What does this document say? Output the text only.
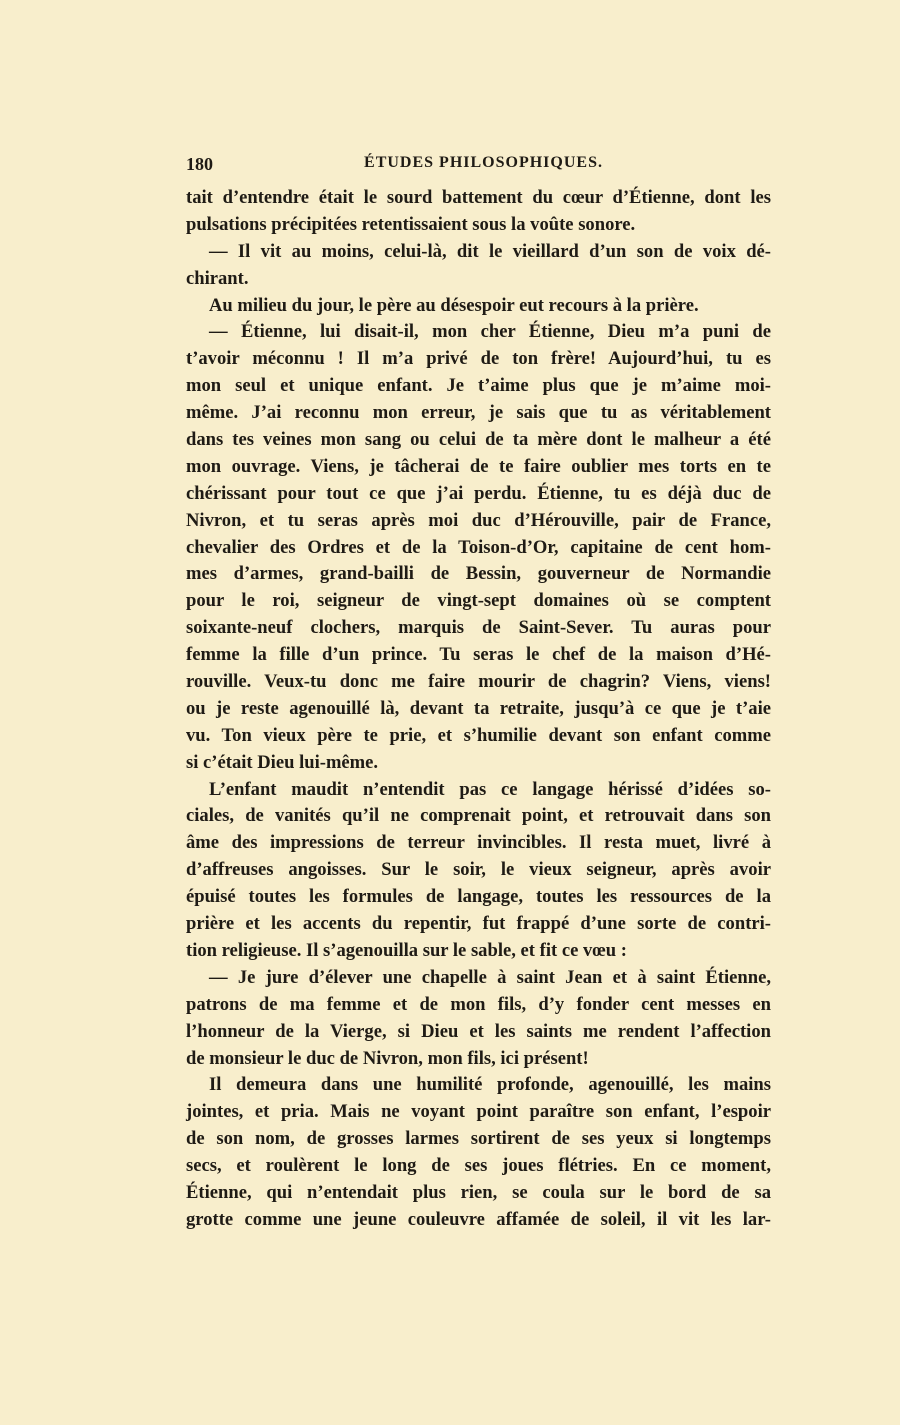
180	ÉTUDES PHILOSOPHIQUES.
tait d’entendre était le sourd battement du cœur d’Étienne, dont les
pulsations précipitées retentissaient sous la voûte sonore.
— Il vit au moins, celui-là, dit le vieillard d’un son de voix dé-
chirant.
Au milieu du jour, le père au désespoir eut recours à la prière.
— Étienne, lui disait-il, mon cher Étienne, Dieu m’a puni de
t’avoir méconnu ! Il m’a privé de ton frère! Aujourd’hui, tu es
mon seul et unique enfant. Je t’aime plus que je m’aime moi-
même. J’ai reconnu mon erreur, je sais que tu as véritablement
dans tes veines mon sang ou celui de ta mère dont le malheur a été
mon ouvrage. Viens, je tâcherai de te faire oublier mes torts en te
chérissant pour tout ce que j’ai perdu. Étienne, tu es déjà duc de
Nivron, et tu seras après moi duc d’Hérouville, pair de France,
chevalier des Ordres et de la Toison-d’Or, capitaine de cent hom-
mes d’armes, grand-bailli de Bessin, gouverneur de Normandie
pour le roi, seigneur de vingt-sept domaines où se comptent
soixante-neuf clochers, marquis de Saint-Sever. Tu auras pour
femme la fille d’un prince. Tu seras le chef de la maison d’Hé-
rouville. Veux-tu donc me faire mourir de chagrin? Viens, viens!
ou je reste agenouillé là, devant ta retraite, jusqu’à ce que je t’aie
vu. Ton vieux père te prie, et s’humilie devant son enfant comme
si c’était Dieu lui-même.
L’enfant maudit n’entendit pas ce langage hérissé d’idées so-
ciales, de vanités qu’il ne comprenait point, et retrouvait dans son
âme des impressions de terreur invincibles. Il resta muet, livré à
d’affreuses angoisses. Sur le soir, le vieux seigneur, après avoir
épuisé toutes les formules de langage, toutes les ressources de la
prière et les accents du repentir, fut frappé d’une sorte de contri-
tion religieuse. Il s’agenouilla sur le sable, et fit ce vœu :
— Je jure d’élever une chapelle à saint Jean et à saint Étienne,
patrons de ma femme et de mon fils, d’y fonder cent messes en
l’honneur de la Vierge, si Dieu et les saints me rendent l’affection
de monsieur le duc de Nivron, mon fils, ici présent!
Il demeura dans une humilité profonde, agenouillé, les mains
jointes, et pria. Mais ne voyant point paraître son enfant, l’espoir
de son nom, de grosses larmes sortirent de ses yeux si longtemps
secs, et roulèrent le long de ses joues flétries. En ce moment,
Étienne, qui n’entendait plus rien, se coula sur le bord de sa
grotte comme une jeune couleuvre affamée de soleil, il vit les lar-
